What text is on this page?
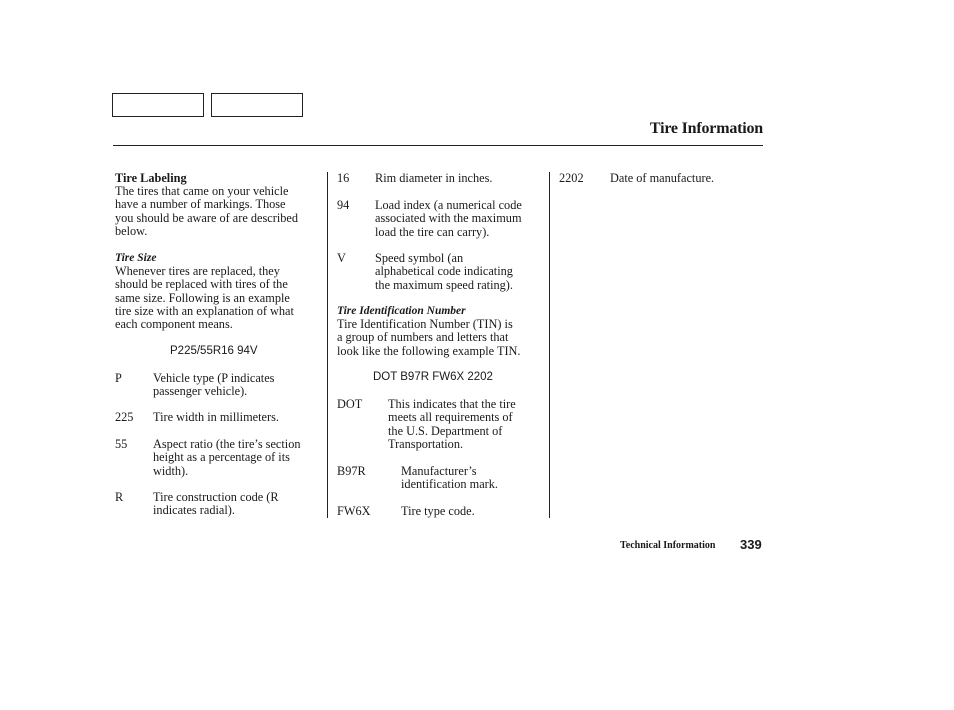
Tire Information
Tire Labeling
The tires that came on your vehicle
have a number of markings. Those
you should be aware of are described
below.
Tire Size
Whenever tires are replaced, they
should be replaced with tires of the
same size. Following is an example
tire size with an explanation of what
each component means.
P225/55R16 94V
P	Vehicle type (P indicates
passenger vehicle).
225 Tire width in millimeters.
55 Aspect ratio (the tire’s section
height as a percentage of its
width).
R Tire construction code (R
indicates radial).
16 Rim diameter in inches.
94 Load index (a numerical code
associated with the maximum
load the tire can carry).
V Speed symbol (an
alphabetical code indicating
the maximum speed rating).
Tire Identification Number
Tire Identification Number (TIN) is
a group of numbers and letters that
look like the following example TIN.
DOT B97R FW6X 2202
DOT This indicates that the tire
meets all requirements of
the U.S. Department of
Transportation.
B97R	Manufacturer’s
identification mark.
FW6X Tire type code.
2202 Date of manufacture.
Technical Information 339
